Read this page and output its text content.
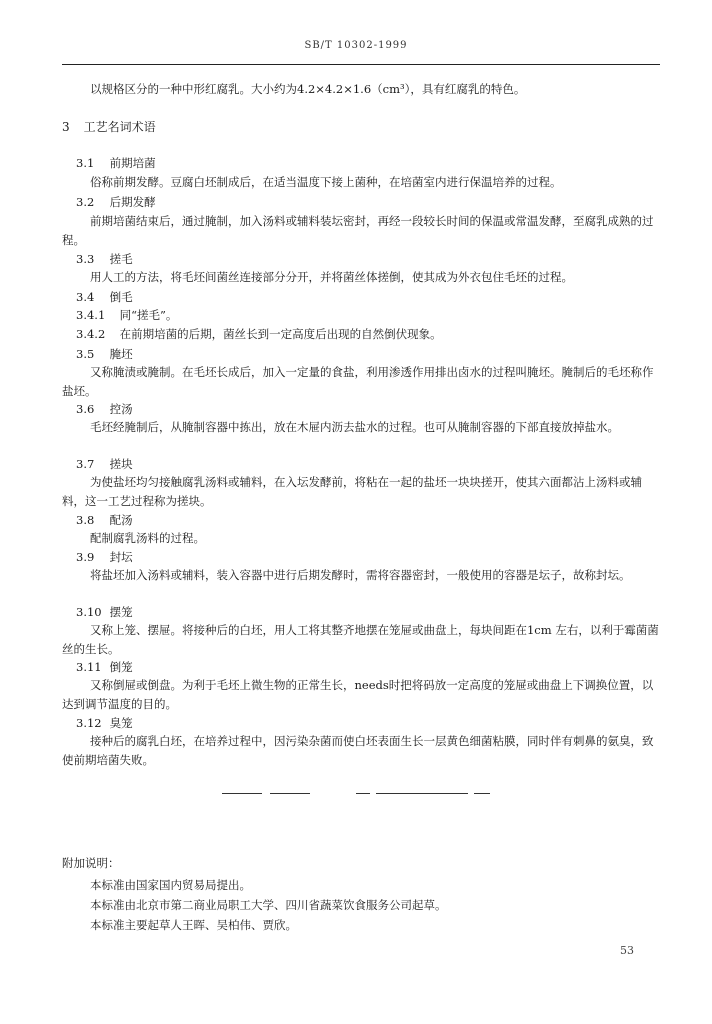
SB/T 10302-1999

以规格区分的一种中形红腐乳。大小约为4.2×4.2×1.6（cm³），具有红腐乳的特色。

3 工艺名词术语
3.1 前期培菌

俗称前期发酵。豆腐白坯制成后，在适当温度下接上菌种，在培菌室内进行保温培养的过程。

3.2 后期发酵

前期培菌结束后，通过腌制，加入汤料或辅料装坛密封，再经一段较长时间的保温或常温发酵，至腐乳成熟的过程。

3.3 搓毛

用人工的方法，将毛坯间菌丝连接部分分开，并将菌丝体搓倒，使其成为外衣包住毛坯的过程。

3.4 倒毛
3.4.1 同“搓毛”。
3.4.2 在前期培菌的后期，菌丝长到一定高度后出现的自然倒伏现象。
3.5 腌坯

又称腌渍或腌制。在毛坯长成后，加入一定量的食盐，利用渗透作用排出卤水的过程叫腌坯。腌制后的毛坯称作盐坯。

3.6 控汤

毛坯经腌制后，从腌制容器中拣出，放在木屉内沥去盐水的过程。也可从腌制容器的下部直接放掉盐水。

3.7 搓块

为使盐坯均匀接触腐乳汤料或辅料，在入坛发酵前，将粘在一起的盐坯一块块搓开，使其六面都沾上汤料或辅料，这一工艺过程称为搓块。

3.8 配汤

配制腐乳汤料的过程。

3.9 封坛

将盐坯加入汤料或辅料，装入容器中进行后期发酵时，需将容器密封，一般使用的容器是坛子，故称封坛。

3.10 摆笼

又称上笼、摆屉。将接种后的白坯，用人工将其整齐地摆在笼屉或曲盘上，每块间距在1cm 左右，以利于霉菌菌丝的生长。

3.11 倒笼

又称倒屉或倒盘。为利于毛坯上微生物的正常生长，needs时把将码放一定高度的笼屉或曲盘上下调换位置，以达到调节温度的目的。

3.12 臭笼

接种后的腐乳白坯，在培养过程中，因污染杂菌而使白坯表面生长一层黄色细菌粘膜，同时伴有刺鼻的氨臭，致使前期培菌失败。

附加说明：
本标准由国家国内贸易局提出。
本标准由北京市第二商业局职工大学、四川省蔬菜饮食服务公司起草。
本标准主要起草人王晖、吴柏伟、贾欣。
53
